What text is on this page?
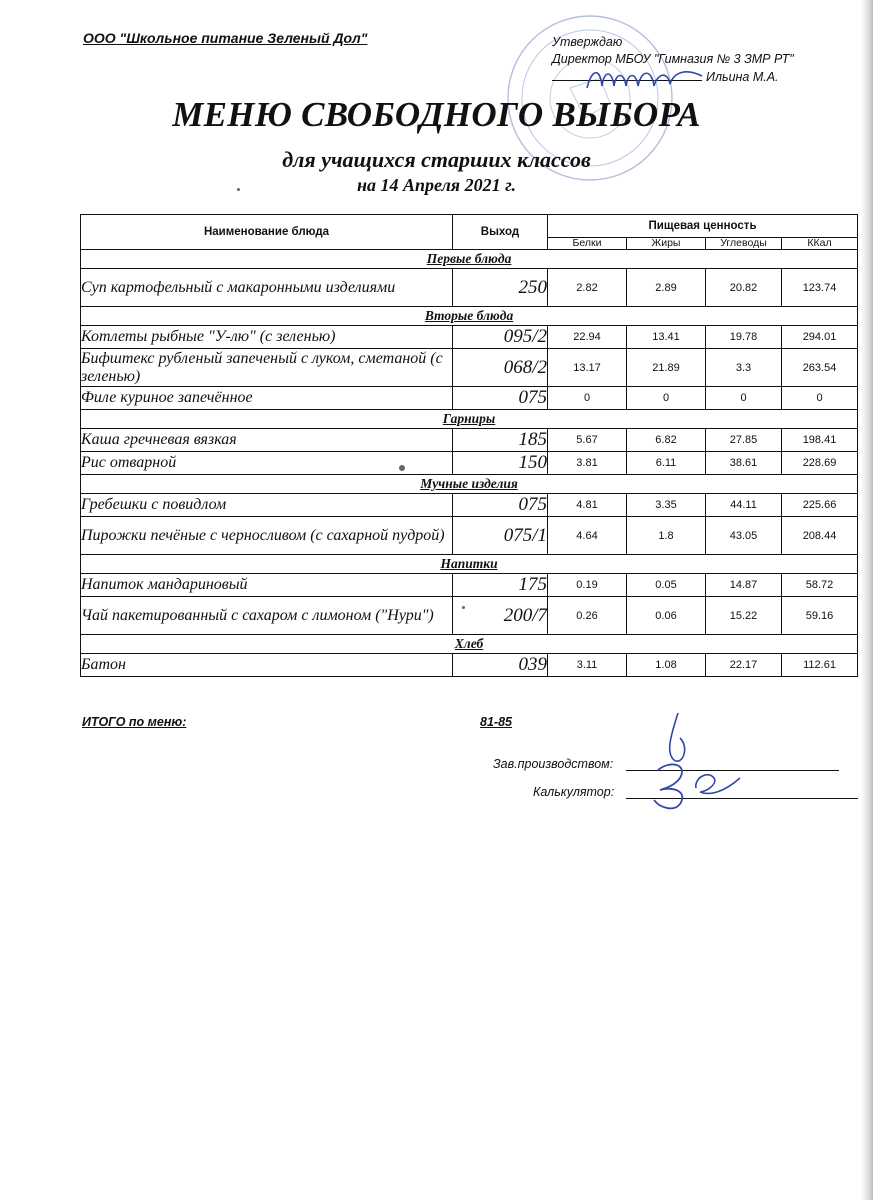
ООО "Школьное питание Зеленый Дол"	Утверждаю
Директор МБОУ "Гимназия № 3 ЗМР РТ"
Ильина М.А.
МЕНЮ СВОБОДНОГО ВЫБОРА
для учащихся старших классов
на 14 Апреля 2021 г.
Наименование блюда	Выход	Пищевая ценность			
		Белки	Жиры	Углеводы	ККал
Первые блюда					
Суп картофельный с макаронными изделиями	250	2.82	2.89	20.82	123.74
Вторые блюда					
Котлеты рыбные "У-лю" (с зеленью)	095/2	22.94	13.41	19.78	294.01
Бифштекс рубленый запеченый с луком, сметаной (с зеленью)	068/2	13.17	21.89	3.3	263.54
Филе куриное запечённое	075	0	0	0	0
Гарниры					
Каша гречневая вязкая	185	5.67	6.82	27.85	198.41
Рис отварной	150	3.81	6.11	38.61	228.69
Мучные изделия					
Гребешки с повидлом	075	4.81	3.35	44.11	225.66
Пирожки печёные с черносливом (с сахарной пудрой)	075/1	4.64	1.8	43.05	208.44
Напитки					
Напиток мандариновый	175	0.19	0.05	14.87	58.72
Чай пакетированный с сахаром с лимоном ("Нури")	200/7	0.26	0.06	15.22	59.16
Хлеб					
Батон	039	3.11	1.08	22.17	112.61
ИТОГО по меню:	81-85
Зав.производством:
Калькулятор:
